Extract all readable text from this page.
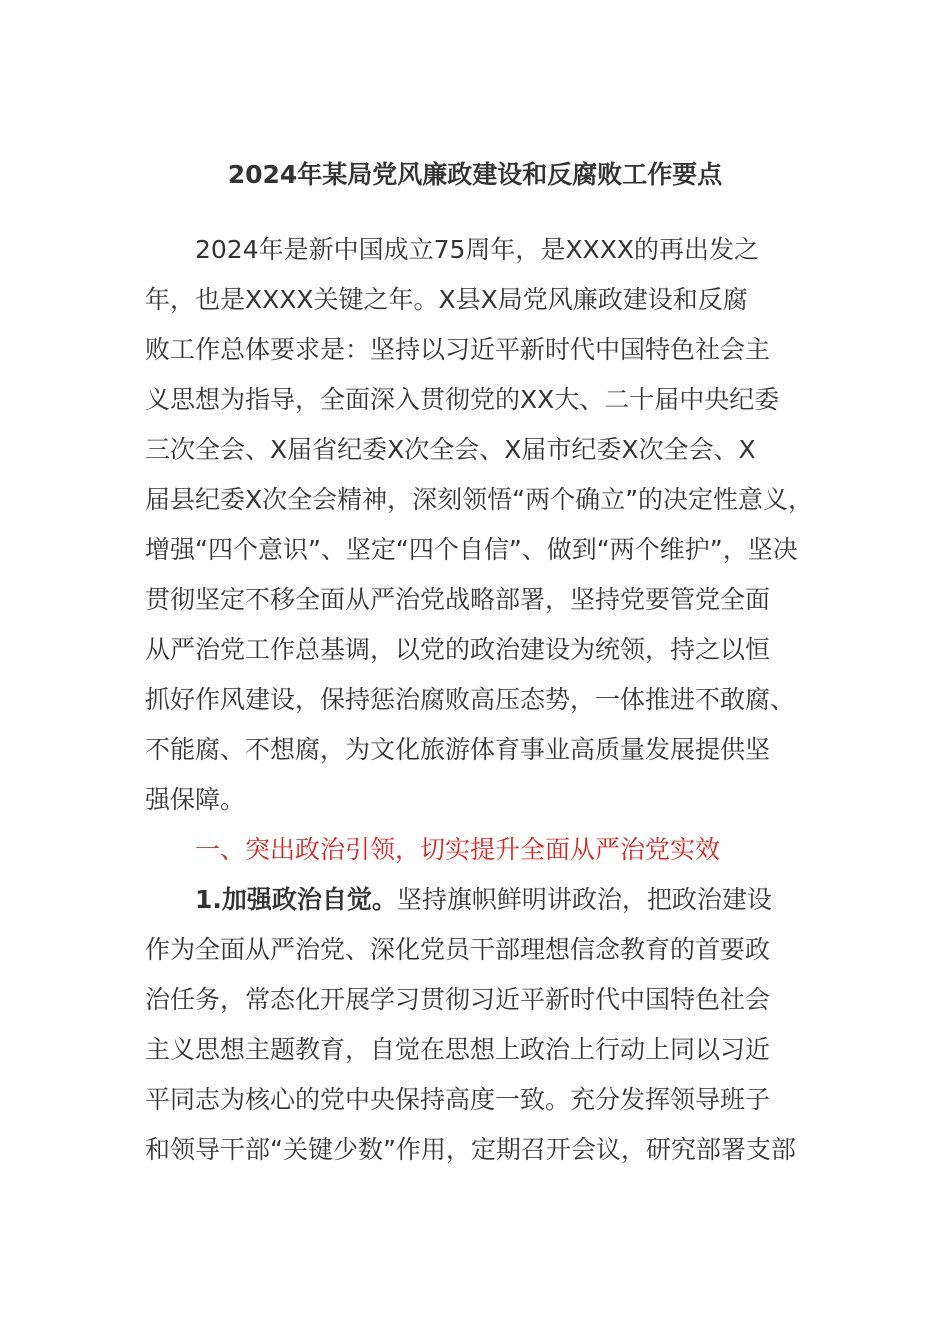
2024年某局党风廉政建设和反腐败工作要点
2024年是新中国成立75周年，是XXXX的再出发之
年，也是XXXX关键之年。X县X局党风廉政建设和反腐
败工作总体要求是：坚持以习近平新时代中国特色社会主
义思想为指导，全面深入贯彻党的XX大、二十届中央纪委
三次全会、X届省纪委X次全会、X届市纪委X次全会、X
届县纪委X次全会精神，深刻领悟“两个确立”的决定性意义，
增强“四个意识”、坚定“四个自信”、做到“两个维护”，坚决
贯彻坚定不移全面从严治党战略部署，坚持党要管党全面
从严治党工作总基调，以党的政治建设为统领，持之以恒
抓好作风建设，保持惩治腐败高压态势，一体推进不敢腐、
不能腐、不想腐，为文化旅游体育事业高质量发展提供坚
强保障。
一、突出政治引领，切实提升全面从严治党实效
1.加强政治自觉。坚持旗帜鲜明讲政治，把政治建设
作为全面从严治党、深化党员干部理想信念教育的首要政
治任务，常态化开展学习贯彻习近平新时代中国特色社会
主义思想主题教育，自觉在思想上政治上行动上同以习近
平同志为核心的党中央保持高度一致。充分发挥领导班子
和领导干部“关键少数”作用，定期召开会议，研究部署支部
